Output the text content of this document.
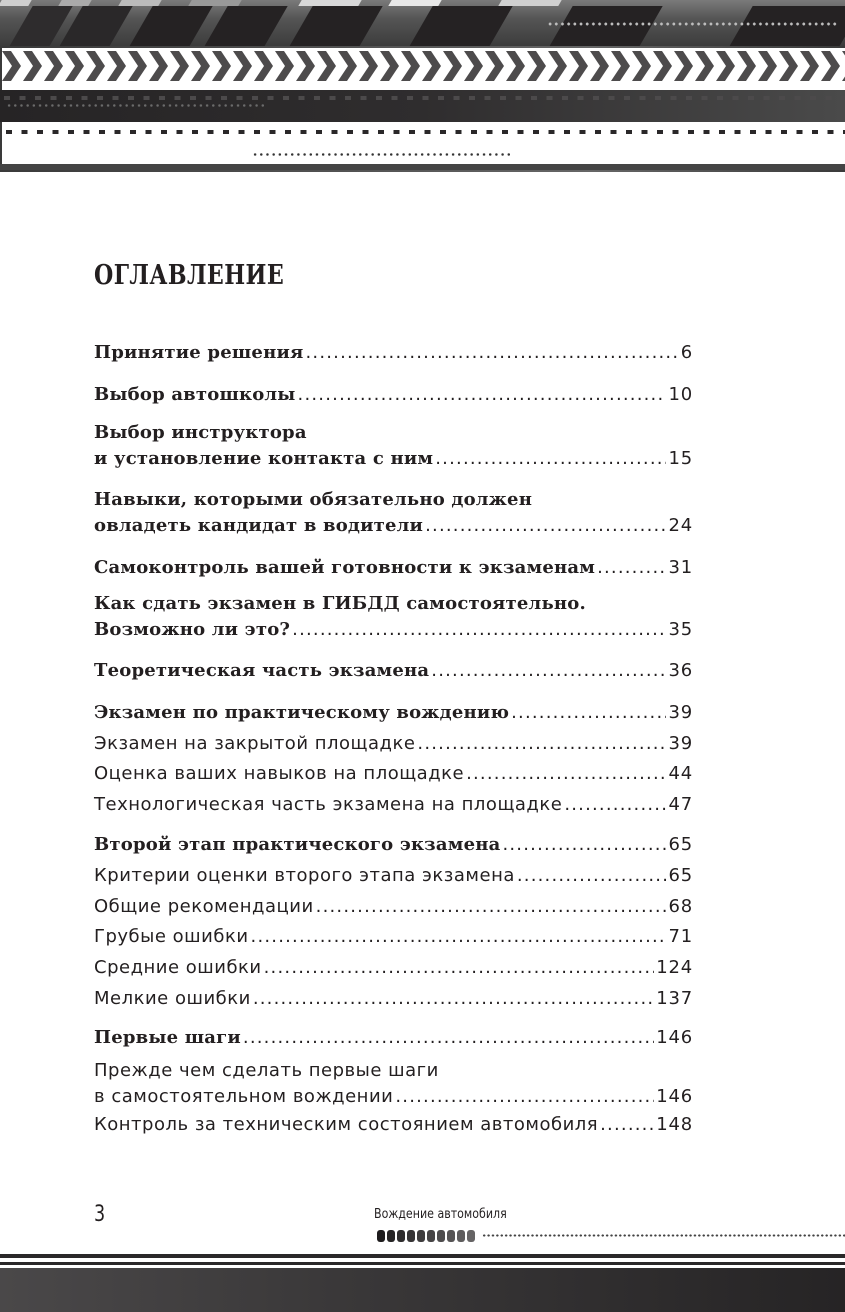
ОГЛАВЛЕНИЕ
Принятие решения .....	6
Выбор автошколы .....	10
Выбор инструктора
и установление контакта с ним .....	15
Навыки, которыми обязательно должен
овладеть кандидат в водители .....	24
Самоконтроль вашей готовности к экзаменам .....	31
Как сдать экзамен в ГИБДД самостоятельно.
Возможно ли это? .....	35
Теоретическая часть экзамена .....	36
Экзамен по практическому вождению .....	39
Экзамен на закрытой площадке .....	39
Оценка ваших навыков на площадке .....	44
Технологическая часть экзамена на площадке .....	47
Второй этап практического экзамена .....	65
Критерии оценки второго этапа экзамена .....	65
Общие рекомендации .....	68
Грубые ошибки .....	71
Средние ошибки .....	124
Мелкие ошибки .....	137
Первые шаги .....	146
Прежде чем сделать первые шаги
в самостоятельном вождении .....	146
Контроль за техническим состоянием автомобиля .....	148
3	Вождение автомобиля
